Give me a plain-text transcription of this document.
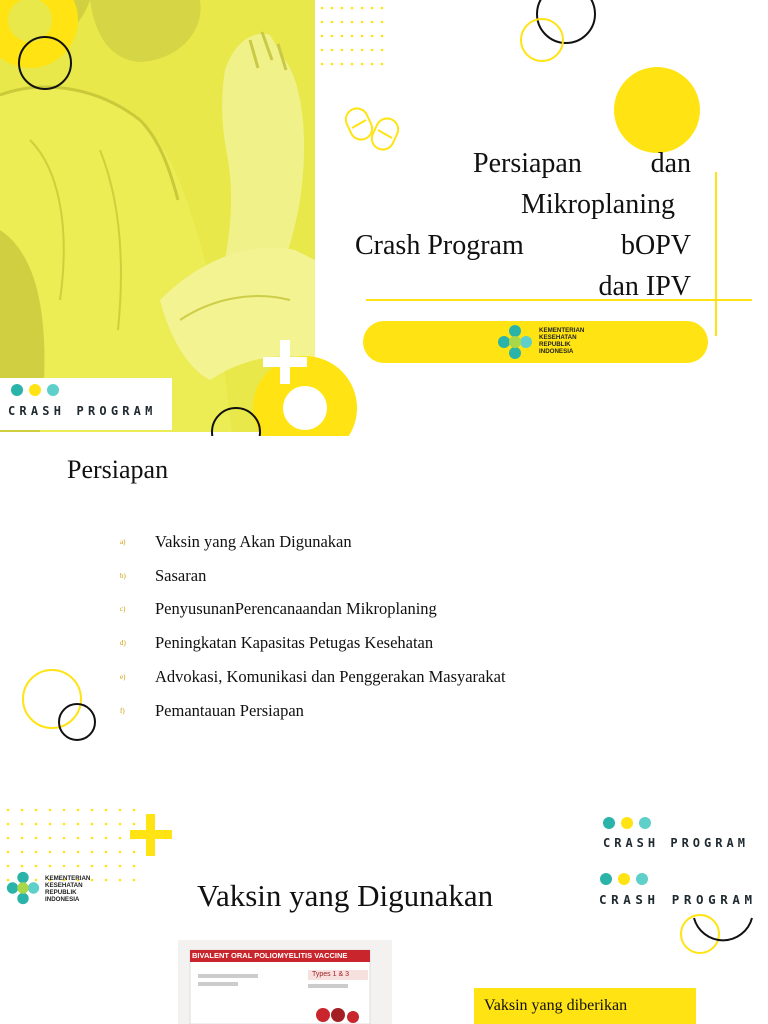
CRASH PROGRAM
Persiapan dan
Mikroplaning
Crash Program	bOPV
dan IPV
KEMENTERIAN
KESEHATAN
REPUBLIK
INDONESIA
Persiapan
a) Vaksin yang Akan Digunakan
b) Sasaran
c) PenyusunanPerencanaandan Mikroplaning
d) Peningkatan Kapasitas Petugas Kesehatan
e) Advokasi, Komunikasi dan Penggerakan Masyarakat
f) Pemantauan Persiapan
KEMENTERIAN
KESEHATAN
REPUBLIK
INDONESIA
CRASH PROGRAM
CRASH PROGRAM
Vaksin yang Digunakan
BIVALENT ORAL POLIOMYELITIS VACCINE
Types 1 & 3
Vaksin yang diberikan
